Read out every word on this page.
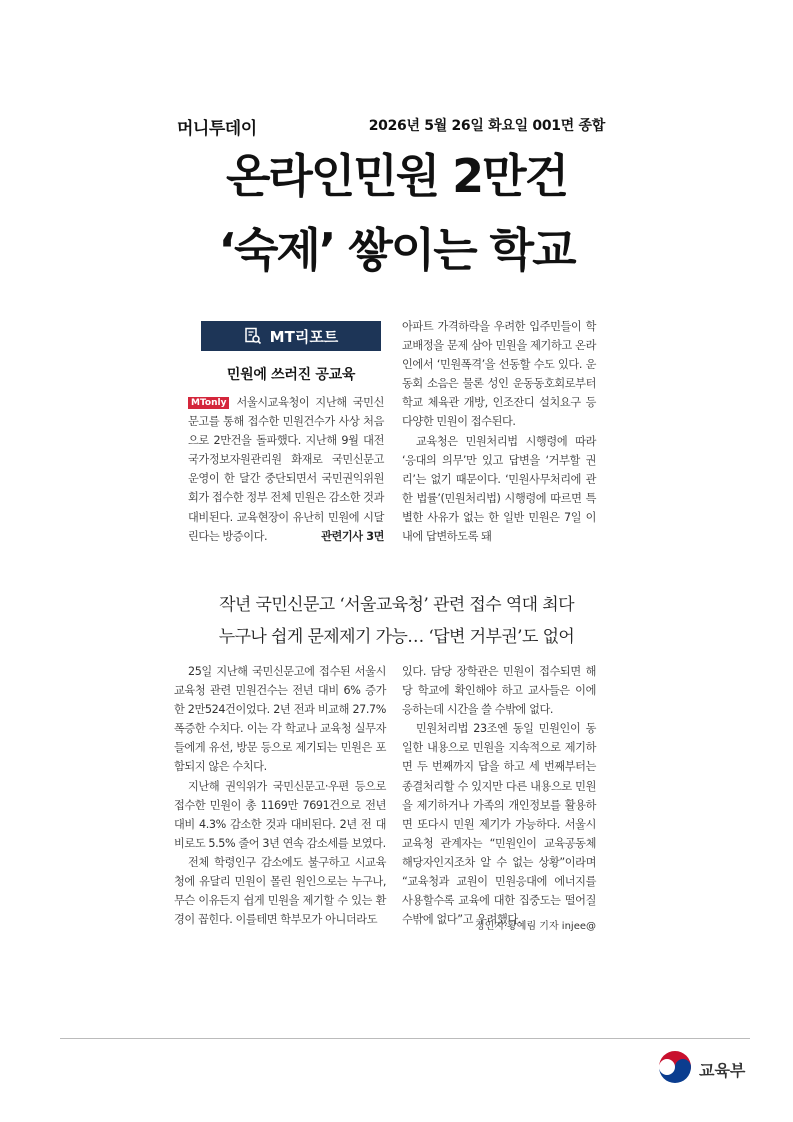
머니투데이	2026년 5월 26일 화요일 001면 종합
온라인민원 2만건
‘숙제’ 쌓이는 학교
MT리포트
민원에 쓰러진 공교육

MTonly 서울시교육청이 지난해 국민신문고를 통해 접수한 민원건수가 사상 처음으로 2만건을 돌파했다. 지난해 9월 대전 국가정보자원관리원 화재로 국민신문고 운영이 한 달간 중단되면서 국민권익위원회가 접수한 정부 전체 민원은 감소한 것과 대비된다. 교육현장이 유난히 민원에 시달린다는 방증이다.	관련기사 3면

아파트 가격하락을 우려한 입주민들이 학교배정을 문제 삼아 민원을 제기하고 온라인에서 ‘민원폭격’을 선동할 수도 있다. 운동회 소음은 물론 성인 운동동호회로부터 학교 체육관 개방, 인조잔디 설치요구 등 다양한 민원이 접수된다.

교육청은 민원처리법 시행령에 따라 ‘응대의 의무’만 있고 답변을 ‘거부할 권리’는 없기 때문이다. ‘민원사무처리에 관한 법률’(민원처리법) 시행령에 따르면 특별한 사유가 없는 한 일반 민원은 7일 이내에 답변하도록 돼

작년 국민신문고 ‘서울교육청’ 관련 접수 역대 최다
누구나 쉽게 문제제기 가능… ‘답변 거부권’도 없어

25일 지난해 국민신문고에 접수된 서울시교육청 관련 민원건수는 전년 대비 6% 증가한 2만524건이었다. 2년 전과 비교해 27.7% 폭증한 수치다. 이는 각 학교나 교육청 실무자들에게 유선, 방문 등으로 제기되는 민원은 포함되지 않은 수치다.

지난해 권익위가 국민신문고·우편 등으로 접수한 민원이 총 1169만 7691건으로 전년 대비 4.3% 감소한 것과 대비된다. 2년 전 대비로도 5.5% 줄어 3년 연속 감소세를 보였다.

전체 학령인구 감소에도 불구하고 시교육청에 유달리 민원이 몰린 원인으로는 누구나, 무슨 이유든지 쉽게 민원을 제기할 수 있는 환경이 꼽힌다. 이를테면 학부모가 아니더라도

있다. 담당 장학관은 민원이 접수되면 해당 학교에 확인해야 하고 교사들은 이에 응하는데 시간을 쓸 수밖에 없다.

민원처리법 23조엔 동일 민원인이 동일한 내용으로 민원을 지속적으로 제기하면 두 번째까지 답을 하고 세 번째부터는 종결처리할 수 있지만 다른 내용으로 민원을 제기하거나 가족의 개인정보를 활용하면 또다시 민원 제기가 가능하다. 서울시교육청 관계자는 “민원인이 교육공동체 해당자인지조차 알 수 없는 상황”이라며 “교육청과 교원이 민원응대에 에너지를 사용할수록 교육에 대한 집중도는 떨어질 수밖에 없다”고 우려했다.

정인지·황예림 기자 injee@
교육부
